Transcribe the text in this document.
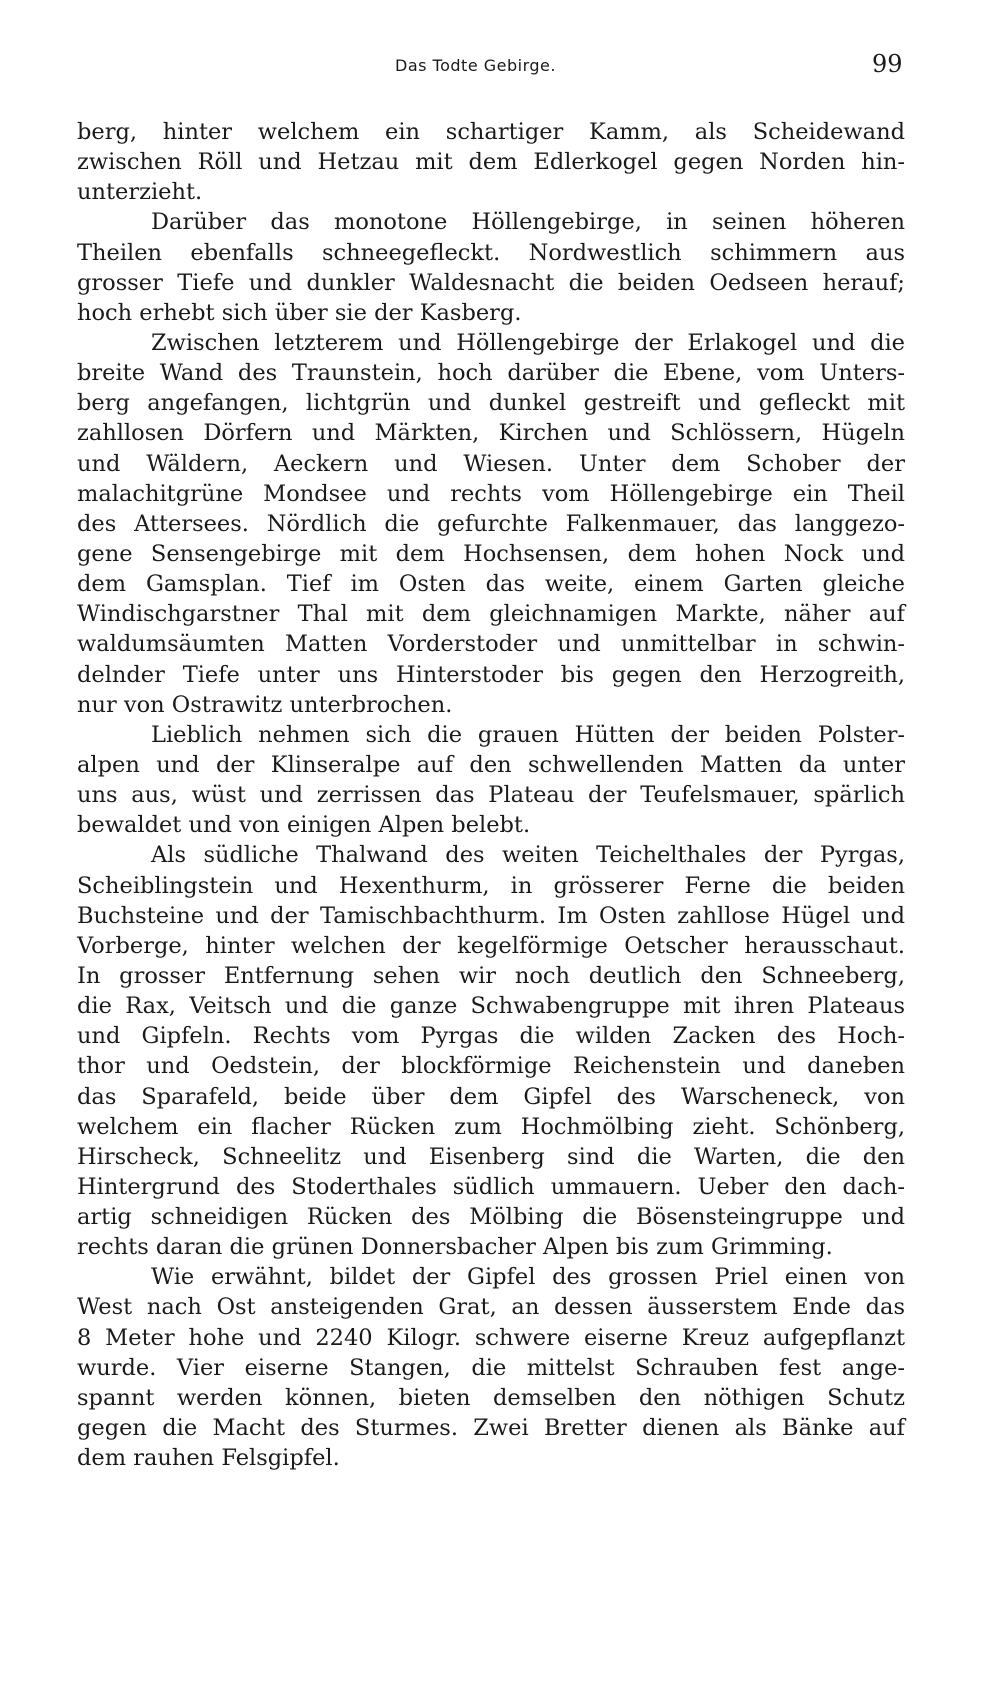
Das Todte Gebirge.	99
berg, hinter welchem ein schartiger Kamm, als Scheidewand
zwischen Röll und Hetzau mit dem Edlerkogel gegen Norden hin-
unterzieht.
Darüber das monotone Höllengebirge, in seinen höheren
Theilen ebenfalls schneegefleckt. Nordwestlich schimmern aus
grosser Tiefe und dunkler Waldesnacht die beiden Oedseen herauf;
hoch erhebt sich über sie der Kasberg.
Zwischen letzterem und Höllengebirge der Erlakogel und die
breite Wand des Traunstein, hoch darüber die Ebene, vom Unters-
berg angefangen, lichtgrün und dunkel gestreift und gefleckt mit
zahllosen Dörfern und Märkten, Kirchen und Schlössern, Hügeln
und Wäldern, Aeckern und Wiesen. Unter dem Schober der
malachitgrüne Mondsee und rechts vom Höllengebirge ein Theil
des Attersees. Nördlich die gefurchte Falkenmauer, das langgezo-
gene Sensengebirge mit dem Hochsensen, dem hohen Nock und
dem Gamsplan. Tief im Osten das weite, einem Garten gleiche
Windischgarstner Thal mit dem gleichnamigen Markte, näher auf
waldumsäumten Matten Vorderstoder und unmittelbar in schwin-
delnder Tiefe unter uns Hinterstoder bis gegen den Herzogreith,
nur von Ostrawitz unterbrochen.
Lieblich nehmen sich die grauen Hütten der beiden Polster-
alpen und der Klinseralpe auf den schwellenden Matten da unter
uns aus, wüst und zerrissen das Plateau der Teufelsmauer, spärlich
bewaldet und von einigen Alpen belebt.
Als südliche Thalwand des weiten Teichelthales der Pyrgas,
Scheiblingstein und Hexenthurm, in grösserer Ferne die beiden
Buchsteine und der Tamischbachthurm. Im Osten zahllose Hügel und
Vorberge, hinter welchen der kegelförmige Oetscher herausschaut.
In grosser Entfernung sehen wir noch deutlich den Schneeberg,
die Rax, Veitsch und die ganze Schwabengruppe mit ihren Plateaus
und Gipfeln. Rechts vom Pyrgas die wilden Zacken des Hoch-
thor und Oedstein, der blockförmige Reichenstein und daneben
das Sparafeld, beide über dem Gipfel des Warscheneck, von
welchem ein flacher Rücken zum Hochmölbing zieht. Schönberg,
Hirscheck, Schneelitz und Eisenberg sind die Warten, die den
Hintergrund des Stoderthales südlich ummauern. Ueber den dach-
artig schneidigen Rücken des Mölbing die Bösensteingruppe und
rechts daran die grünen Donnersbacher Alpen bis zum Grimming.
Wie erwähnt, bildet der Gipfel des grossen Priel einen von
West nach Ost ansteigenden Grat, an dessen äusserstem Ende das
8 Meter hohe und 2240 Kilogr. schwere eiserne Kreuz aufgepflanzt
wurde. Vier eiserne Stangen, die mittelst Schrauben fest ange-
spannt werden können, bieten demselben den nöthigen Schutz
gegen die Macht des Sturmes. Zwei Bretter dienen als Bänke auf
dem rauhen Felsgipfel.
